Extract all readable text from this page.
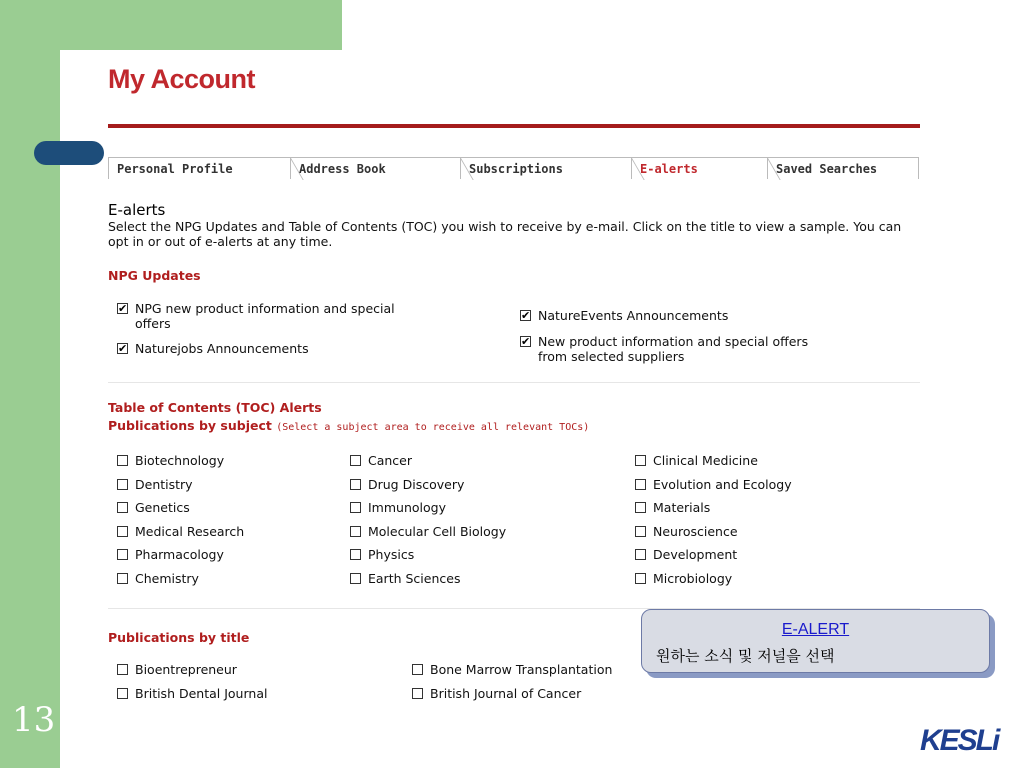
13
My Account
Personal Profile	Address Book	Subscriptions	E-alerts	Saved Searches
E-alerts
Select the NPG Updates and Table of Contents (TOC) you wish to receive by e-mail. Click on the title to view a sample. You can opt in or out of e-alerts at any time.
NPG Updates
✔
NPG new product information and special offers
✔
NatureEvents Announcements
✔
Naturejobs Announcements
✔	New product information and special offers from selected suppliers
Table of Contents (TOC) Alerts
Publications by subject (Select a subject area to receive all relevant TOCs)
Biotechnology	Cancer	Clinical Medicine
Dentistry	Drug Discovery	Evolution and Ecology
Genetics	Immunology	Materials
Medical Research	Molecular Cell Biology	Neuroscience
Pharmacology	Physics	Development
Chemistry	Earth Sciences	Microbiology
Publications by title
Bioentrepreneur	Bone Marrow Transplantation
British Dental Journal	British Journal of Cancer
E-ALERT
원하는 소식 및 저널을 선택
KESLi
